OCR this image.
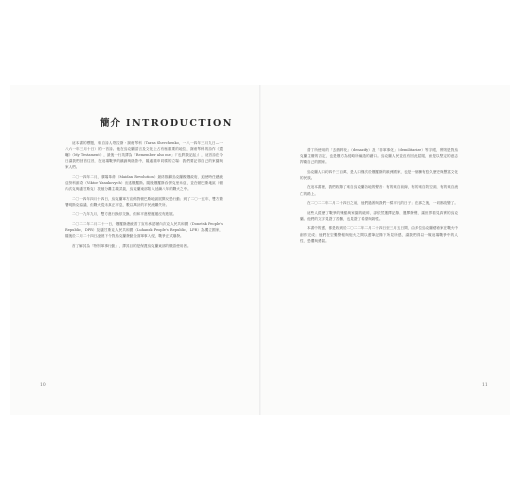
簡介 INTRODUCTION

這本書的標題，來自詩人塔拉斯・謝甫琴科（Taras Shevchenko，一八一四年三月九日—一八六一年三月十日）的一首詩。他在烏克蘭語言及文化上占有極重要的地位，謝甫琴科的詩作《遺囑》（My Testament），最後一行英譯為「Remember also me」（「也將我記起」），這首詩在今日讓我們回首往昔，在這場戰爭的鐵蹄與陰影中，隨處重申同樣的立場：我們要記得自己的家園與家人們。

二〇一四年二月，廣場革命（Maidan Revolution）最終推翻烏克蘭親俄政府，迫使時任總統亞努科維奇（Viktor Yanukovych）出逃俄羅斯。隨後俄羅斯吞併克里米亞，並在頓巴斯地區（頓內次克與盧甘斯克）扶植分離主義武裝，烏克蘭東部陷入延續八年的戰火之中。

二〇一四年四月十四日，烏克蘭軍方宣佈對頓巴斯地區展開反恐行動；到了二〇一五年，雙方簽署明斯克協議，但戰火從未真正平息，數以萬計的平民流離失所。

二〇一九年九月，雙方進行換俘交換，但和平進程遲遲沒有進展。

二〇二二年二月二十一日，俄羅斯總統普丁宣布承認頓內次克人民共和國（Donetsk People's Republic，DPR）及盧甘斯克人民共和國（Luhansk People's Republic，LPR）為獨立國家，隨後於二月二十四日凌晨下令對烏克蘭發動全面軍事入侵，戰爭正式爆發。

首了解其為「特別軍事行動」，譯其目的是保護烏克蘭東部的俄語使用者。

10

普丁所使用的「去納粹化」（denazify）及「非軍事化」（demilitarize）等字眼，實則是對烏克蘭主權的否定，也是俄方為侵略所編造的藉口。烏克蘭人民並沒有因此屈服，而是以堅定的意志捍衛自己的國家。

烏克蘭人口約四千三百萬，是人口僅次於俄羅斯的歐洲國家，也是一個擁有悠久歷史與豐富文化的民族。

在這本書裡，我們收錄了來自烏克蘭各地的聲音：有的來自前線，有的來自防空洞，有的來自流亡的路上。

在二〇二二年二月二十四日之前，他們過著與我們一樣平凡的日子；在那之後，一切都改變了。

這些人經歷了戰爭的殘酷與家園的破碎，卻依然選擇記錄、選擇發聲，讓世界看見真實的烏克蘭。他們的文字見證了苦難，也見證了希望與韌性。

本書中的畫，都是收到於二〇二二年二月二十四日至三月五日間，由多位烏克蘭藝術家在戰火中創作完成；他們在空襲警報與炮火之間以畫筆記錄下所見所感，讓我們得以一窺這場戰爭中的人性、恐懼與勇氣。

11
